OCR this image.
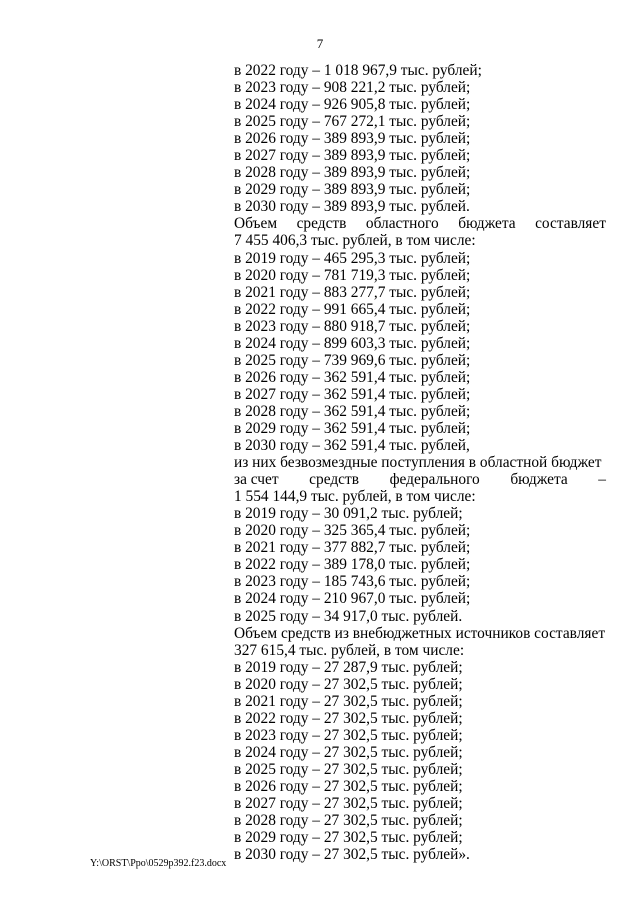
7
в 2022 году – 1 018 967,9 тыс. рублей;
в 2023 году – 908 221,2 тыс. рублей;
в 2024 году – 926 905,8 тыс. рублей;
в 2025 году – 767 272,1 тыс. рублей;
в 2026 году – 389 893,9 тыс. рублей;
в 2027 году – 389 893,9 тыс. рублей;
в 2028 году – 389 893,9 тыс. рублей;
в 2029 году – 389 893,9 тыс. рублей;
в 2030 году – 389 893,9 тыс. рублей.
Объем средств областного бюджета составляет
7 455 406,3 тыс. рублей, в том числе:
в 2019 году – 465 295,3 тыс. рублей;
в 2020 году – 781 719,3 тыс. рублей;
в 2021 году – 883 277,7 тыс. рублей;
в 2022 году – 991 665,4 тыс. рублей;
в 2023 году – 880 918,7 тыс. рублей;
в 2024 году – 899 603,3 тыс. рублей;
в 2025 году – 739 969,6 тыс. рублей;
в 2026 году – 362 591,4 тыс. рублей;
в 2027 году – 362 591,4 тыс. рублей;
в 2028 году – 362 591,4 тыс. рублей;
в 2029 году – 362 591,4 тыс. рублей;
в 2030 году – 362 591,4 тыс. рублей,
из них безвозмездные поступления в областной бюджет
за счет средств федерального бюджета –
1 554 144,9 тыс. рублей, в том числе:
в 2019 году – 30 091,2 тыс. рублей;
в 2020 году – 325 365,4 тыс. рублей;
в 2021 году – 377 882,7 тыс. рублей;
в 2022 году – 389 178,0 тыс. рублей;
в 2023 году – 185 743,6 тыс. рублей;
в 2024 году – 210 967,0 тыс. рублей;
в 2025 году – 34 917,0 тыс. рублей.
Объем средств из внебюджетных источников составляет
327 615,4 тыс. рублей, в том числе:
в 2019 году – 27 287,9 тыс. рублей;
в 2020 году – 27 302,5 тыс. рублей;
в 2021 году – 27 302,5 тыс. рублей;
в 2022 году – 27 302,5 тыс. рублей;
в 2023 году – 27 302,5 тыс. рублей;
в 2024 году – 27 302,5 тыс. рублей;
в 2025 году – 27 302,5 тыс. рублей;
в 2026 году – 27 302,5 тыс. рублей;
в 2027 году – 27 302,5 тыс. рублей;
в 2028 году – 27 302,5 тыс. рублей;
в 2029 году – 27 302,5 тыс. рублей;
в 2030 году – 27 302,5 тыс. рублей».
Y:\ORST\Ppo\0529p392.f23.docx
